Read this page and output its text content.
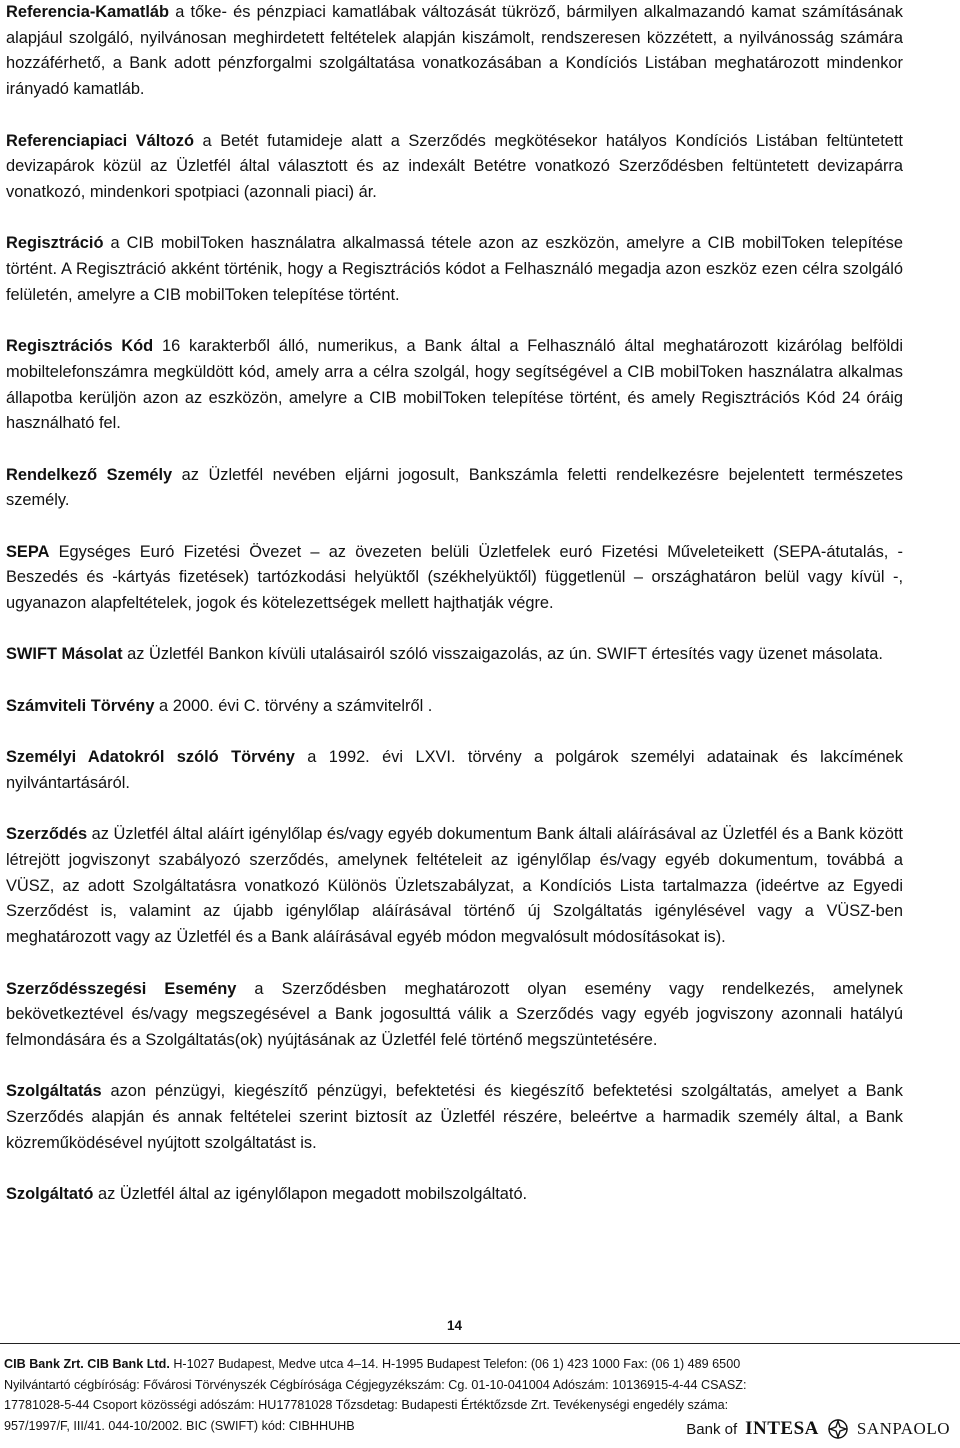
Referencia-Kamatláb a tőke- és pénzpiaci kamatlábak változását tükröző, bármilyen alkalmazandó kamat számításának alapjául szolgáló, nyilvánosan meghirdetett feltételek alapján kiszámolt, rendszeresen közzétett, a nyilvánosság számára hozzáférhető, a Bank adott pénzforgalmi szolgáltatása vonatkozásában a Kondíciós Listában meghatározott mindenkor irányadó kamatláb.

Referenciapiaci Változó a Betét futamideje alatt a Szerződés megkötésekor hatályos Kondíciós Listában feltüntetett devizapárok közül az Üzletfél által választott és az indexált Betétre vonatkozó Szerződésben feltüntetett devizapárra vonatkozó, mindenkori spotpiaci (azonnali piaci) ár.

Regisztráció a CIB mobilToken használatra alkalmassá tétele azon az eszközön, amelyre a CIB mobilToken telepítése történt. A Regisztráció akként történik, hogy a Regisztrációs kódot a Felhasználó megadja azon eszköz ezen célra szolgáló felületén, amelyre a CIB mobilToken telepítése történt.

Regisztrációs Kód 16 karakterből álló, numerikus, a Bank által a Felhasználó által meghatározott kizárólag belföldi mobiltelefonszámra megküldött kód, amely arra a célra szolgál, hogy segítségével a CIB mobilToken használatra alkalmas állapotba kerüljön azon az eszközön, amelyre a CIB mobilToken telepítése történt, és amely Regisztrációs Kód 24 óráig használható fel.

Rendelkező Személy az Üzletfél nevében eljárni jogosult, Bankszámla feletti rendelkezésre bejelentett természetes személy.

SEPA Egységes Euró Fizetési Övezet – az övezeten belüli Üzletfelek euró Fizetési Műveleteikett (SEPA-átutalás, - Beszedés és -kártyás fizetések) tartózkodási helyüktől (székhelyüktől) függetlenül – országhatáron belül vagy kívül -, ugyanazon alapfeltételek, jogok és kötelezettségek mellett hajthatják végre.

SWIFT Másolat az Üzletfél Bankon kívüli utalásairól szóló visszaigazolás, az ún. SWIFT értesítés vagy üzenet másolata.

Számviteli Törvény a 2000. évi C. törvény a számvitelről .

Személyi Adatokról szóló Törvény a 1992. évi LXVI. törvény a polgárok személyi adatainak és lakcímének nyilvántartásáról.

Szerződés az Üzletfél által aláírt igénylőlap és/vagy egyéb dokumentum Bank általi aláírásával az Üzletfél és a Bank között létrejött jogviszonyt szabályozó szerződés, amelynek feltételeit az igénylőlap és/vagy egyéb dokumentum, továbbá a VÜSZ, az adott Szolgáltatásra vonatkozó Különös Üzletszabályzat, a Kondíciós Lista tartalmazza (ideértve az Egyedi Szerződést is, valamint az újabb igénylőlap aláírásával történő új Szolgáltatás igénylésével vagy a VÜSZ-ben meghatározott vagy az Üzletfél és a Bank aláírásával egyéb módon megvalósult módosításokat is).

Szerződésszegési Esemény a Szerződésben meghatározott olyan esemény vagy rendelkezés, amelynek bekövetkeztével és/vagy megszegésével a Bank jogosulttá válik a Szerződés vagy egyéb jogviszony azonnali hatályú felmondására és a Szolgáltatás(ok) nyújtásának az Üzletfél felé történő megszüntetésére.

Szolgáltatás azon pénzügyi, kiegészítő pénzügyi, befektetési és kiegészítő befektetési szolgáltatás, amelyet a Bank Szerződés alapján és annak feltételei szerint biztosít az Üzletfél részére, beleértve a harmadik személy által, a Bank közreműködésével nyújtott szolgáltatást is.

Szolgáltató az Üzletfél által az igénylőlapon megadott mobilszolgáltató.

14
CIB Bank Zrt. CIB Bank Ltd. H-1027 Budapest, Medve utca 4–14. H-1995 Budapest Telefon: (06 1) 423 1000 Fax: (06 1) 489 6500
Nyilvántartó cégbíróság: Fővárosi Törvényszék Cégbírósága Cégjegyzékszám: Cg. 01-10-041004 Adószám: 10136915-4-44 CSASZ:
17781028-5-44 Csoport közösségi adószám: HU17781028 Tőzsdetag: Budapesti Értéktőzsde Zrt. Tevékenységi engedély száma:
957/1997/F, III/41. 044-10/2002. BIC (SWIFT) kód: CIBHHUHB	Bank of INTESA SANPAOLO
